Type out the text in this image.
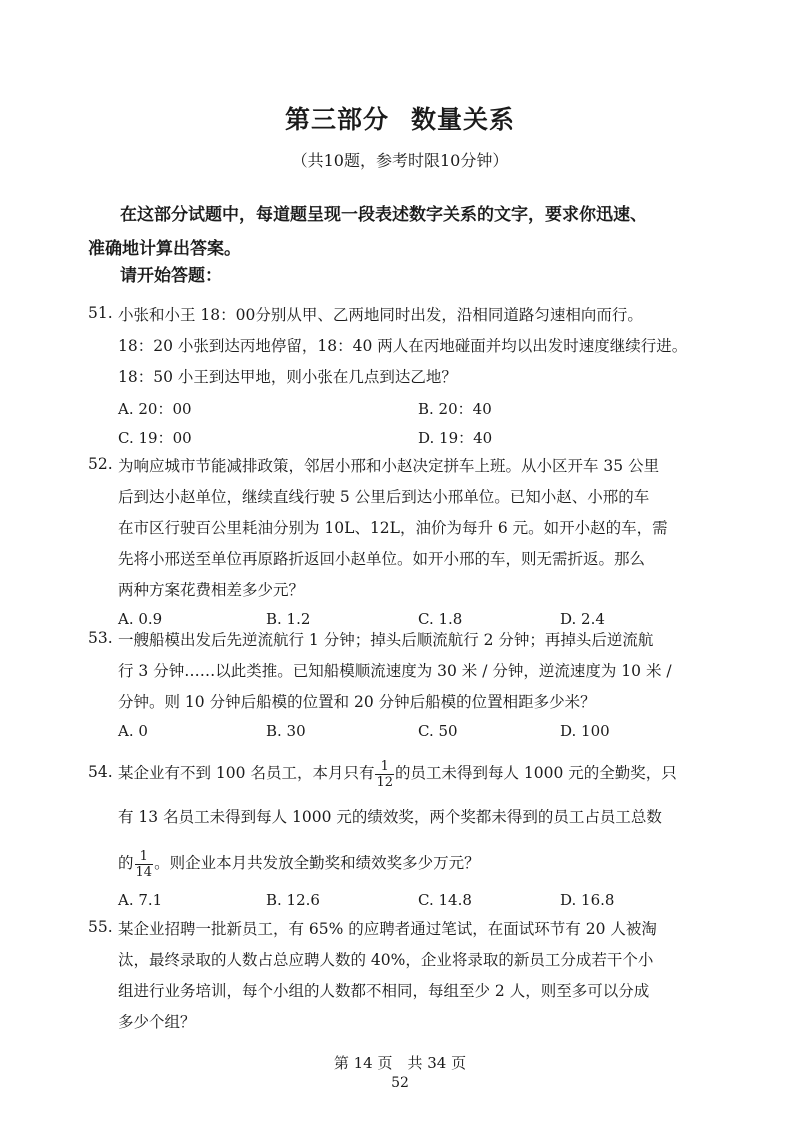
第三部分 数量关系
（共10题，参考时限10分钟）
在这部分试题中，每道题呈现一段表述数字关系的文字，要求你迅速、
准确地计算出答案。
请开始答题：
51. 小张和小王 18：00分别从甲、乙两地同时出发，沿相同道路匀速相向而行。
18：20 小张到达丙地停留，18：40 两人在丙地碰面并均以出发时速度继续行进。
18：50 小王到达甲地，则小张在几点到达乙地？
A. 20：00	B. 20：40
C. 19：00	D. 19：40
52. 为响应城市节能减排政策，邻居小邢和小赵决定拼车上班。从小区开车 35 公里
后到达小赵单位，继续直线行驶 5 公里后到达小邢单位。已知小赵、小邢的车
在市区行驶百公里耗油分别为 10L、12L，油价为每升 6 元。如开小赵的车，需
先将小邢送至单位再原路折返回小赵单位。如开小邢的车，则无需折返。那么
两种方案花费相差多少元？
A. 0.9	B. 1.2	C. 1.8	D. 2.4
53. 一艘船模出发后先逆流航行 1 分钟；掉头后顺流航行 2 分钟；再掉头后逆流航
行 3 分钟……以此类推。已知船模顺流速度为 30 米 / 分钟，逆流速度为 10 米 /
分钟。则 10 分钟后船模的位置和 20 分钟后船模的位置相距多少米？
A. 0	B. 30	C. 50	D. 100
54. 某企业有不到 100 名员工，本月只有 $\frac{1}{12}$ 的员工未得到每人 1000 元的全勤奖，只
有 13 名员工未得到每人 1000 元的绩效奖，两个奖都未得到的员工占员工总数
的 $\frac{1}{14}$ 。则企业本月共发放全勤奖和绩效奖多少万元？
A. 7.1	B. 12.6	C. 14.8	D. 16.8
55. 某企业招聘一批新员工，有 65% 的应聘者通过笔试，在面试环节有 20 人被淘
汰，最终录取的人数占总应聘人数的 40%，企业将录取的新员工分成若干个小
组进行业务培训，每个小组的人数都不相同，每组至少 2 人，则至多可以分成
多少个组？
第 14 页　共 34 页
52
